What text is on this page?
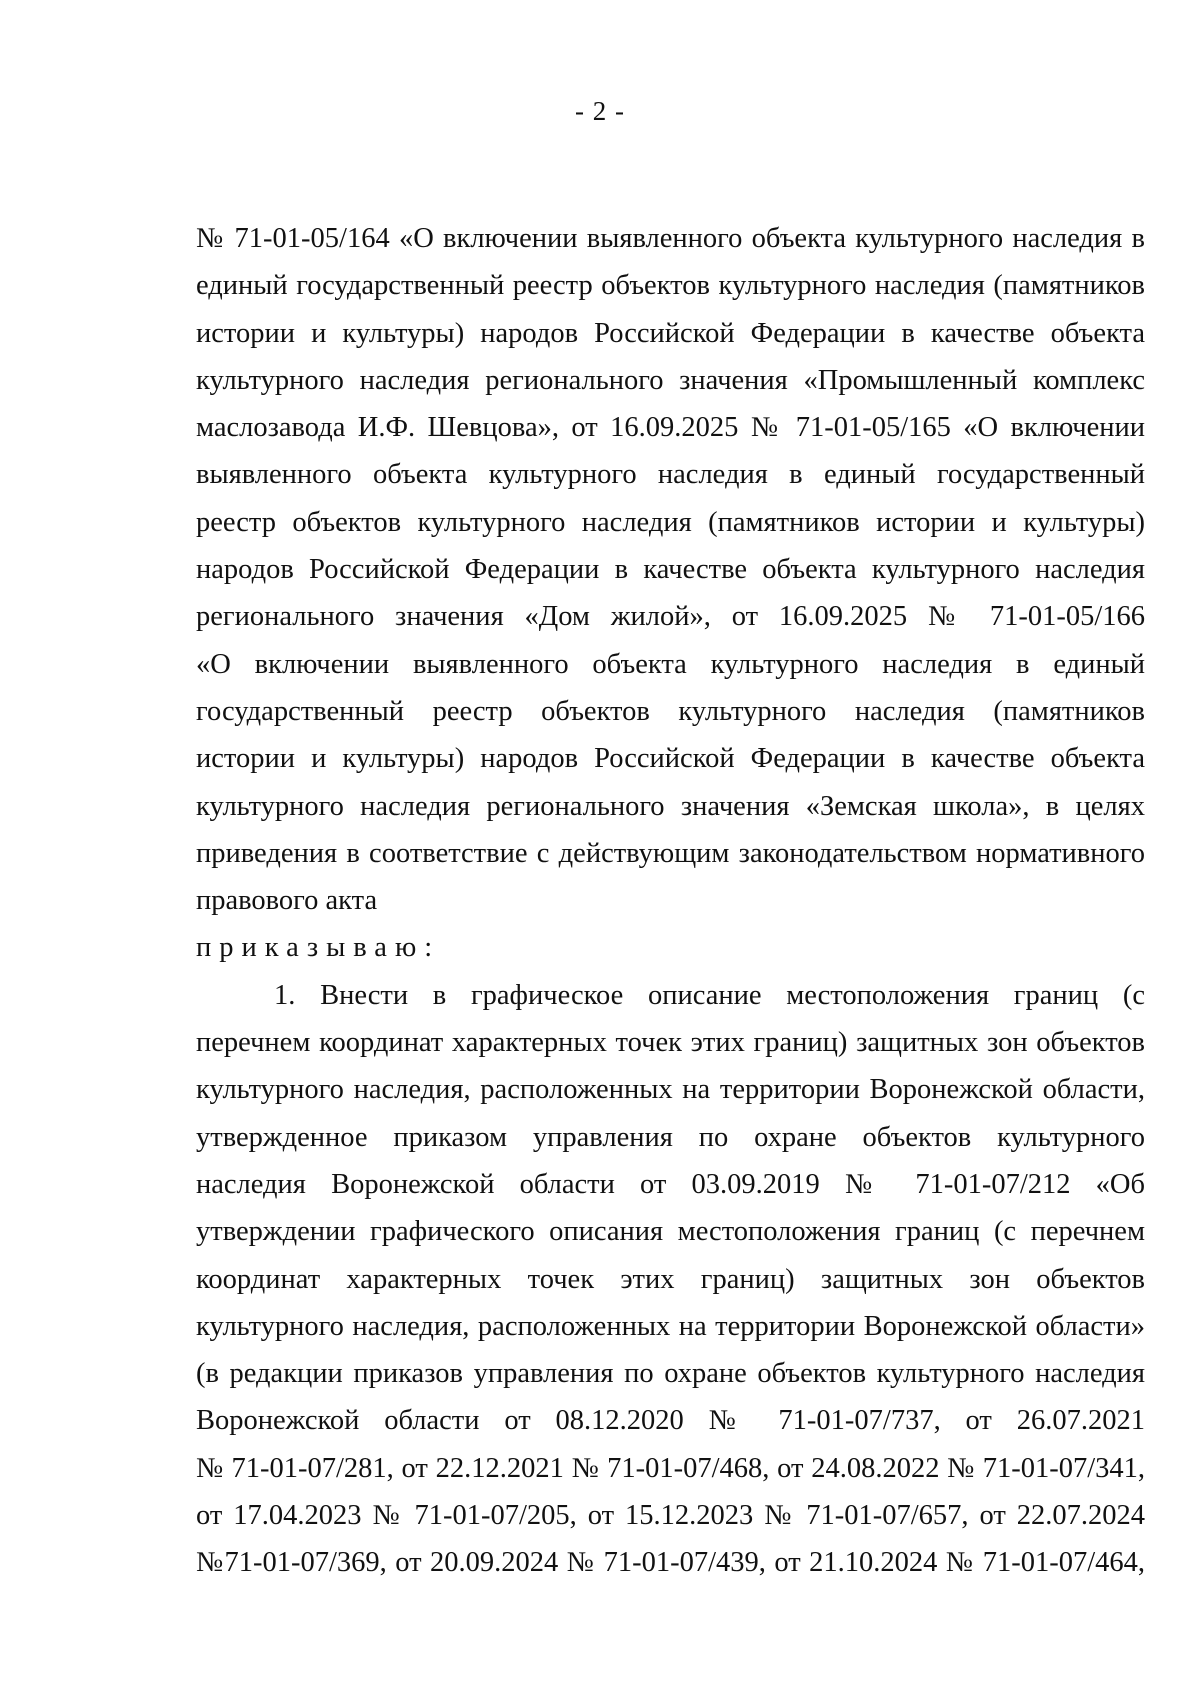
- 2 -

№ 71-01-05/164 «О включении выявленного объекта культурного наследия в
единый государственный реестр объектов культурного наследия (памятников
истории и культуры) народов Российской Федерации в качестве объекта
культурного наследия регионального значения «Промышленный комплекс
маслозавода И.Ф. Шевцова», от 16.09.2025 № 71-01-05/165 «О включении
выявленного объекта культурного наследия в единый государственный
реестр объектов культурного наследия (памятников истории и культуры)
народов Российской Федерации в качестве объекта культурного наследия
регионального значения «Дом жилой», от 16.09.2025 № 71-01-05/166
«О включении выявленного объекта культурного наследия в единый
государственный реестр объектов культурного наследия (памятников
истории и культуры) народов Российской Федерации в качестве объекта
культурного наследия регионального значения «Земская школа», в целях
приведения в соответствие с действующим законодательством нормативного
правового акта

приказываю:

1. Внести в графическое описание местоположения границ (с
перечнем координат характерных точек этих границ) защитных зон объектов
культурного наследия, расположенных на территории Воронежской области,
утвержденное приказом управления по охране объектов культурного
наследия Воронежской области от 03.09.2019 № 71-01-07/212 «Об
утверждении графического описания местоположения границ (с перечнем
координат характерных точек этих границ) защитных зон объектов
культурного наследия, расположенных на территории Воронежской области»
(в редакции приказов управления по охране объектов культурного наследия
Воронежской области от 08.12.2020 № 71-01-07/737, от 26.07.2021
№ 71-01-07/281, от 22.12.2021 № 71-01-07/468, от 24.08.2022 № 71-01-07/341,
от 17.04.2023 № 71-01-07/205, от 15.12.2023 № 71-01-07/657, от 22.07.2024
№71-01-07/369, от 20.09.2024 № 71-01-07/439, от 21.10.2024 № 71-01-07/464,
